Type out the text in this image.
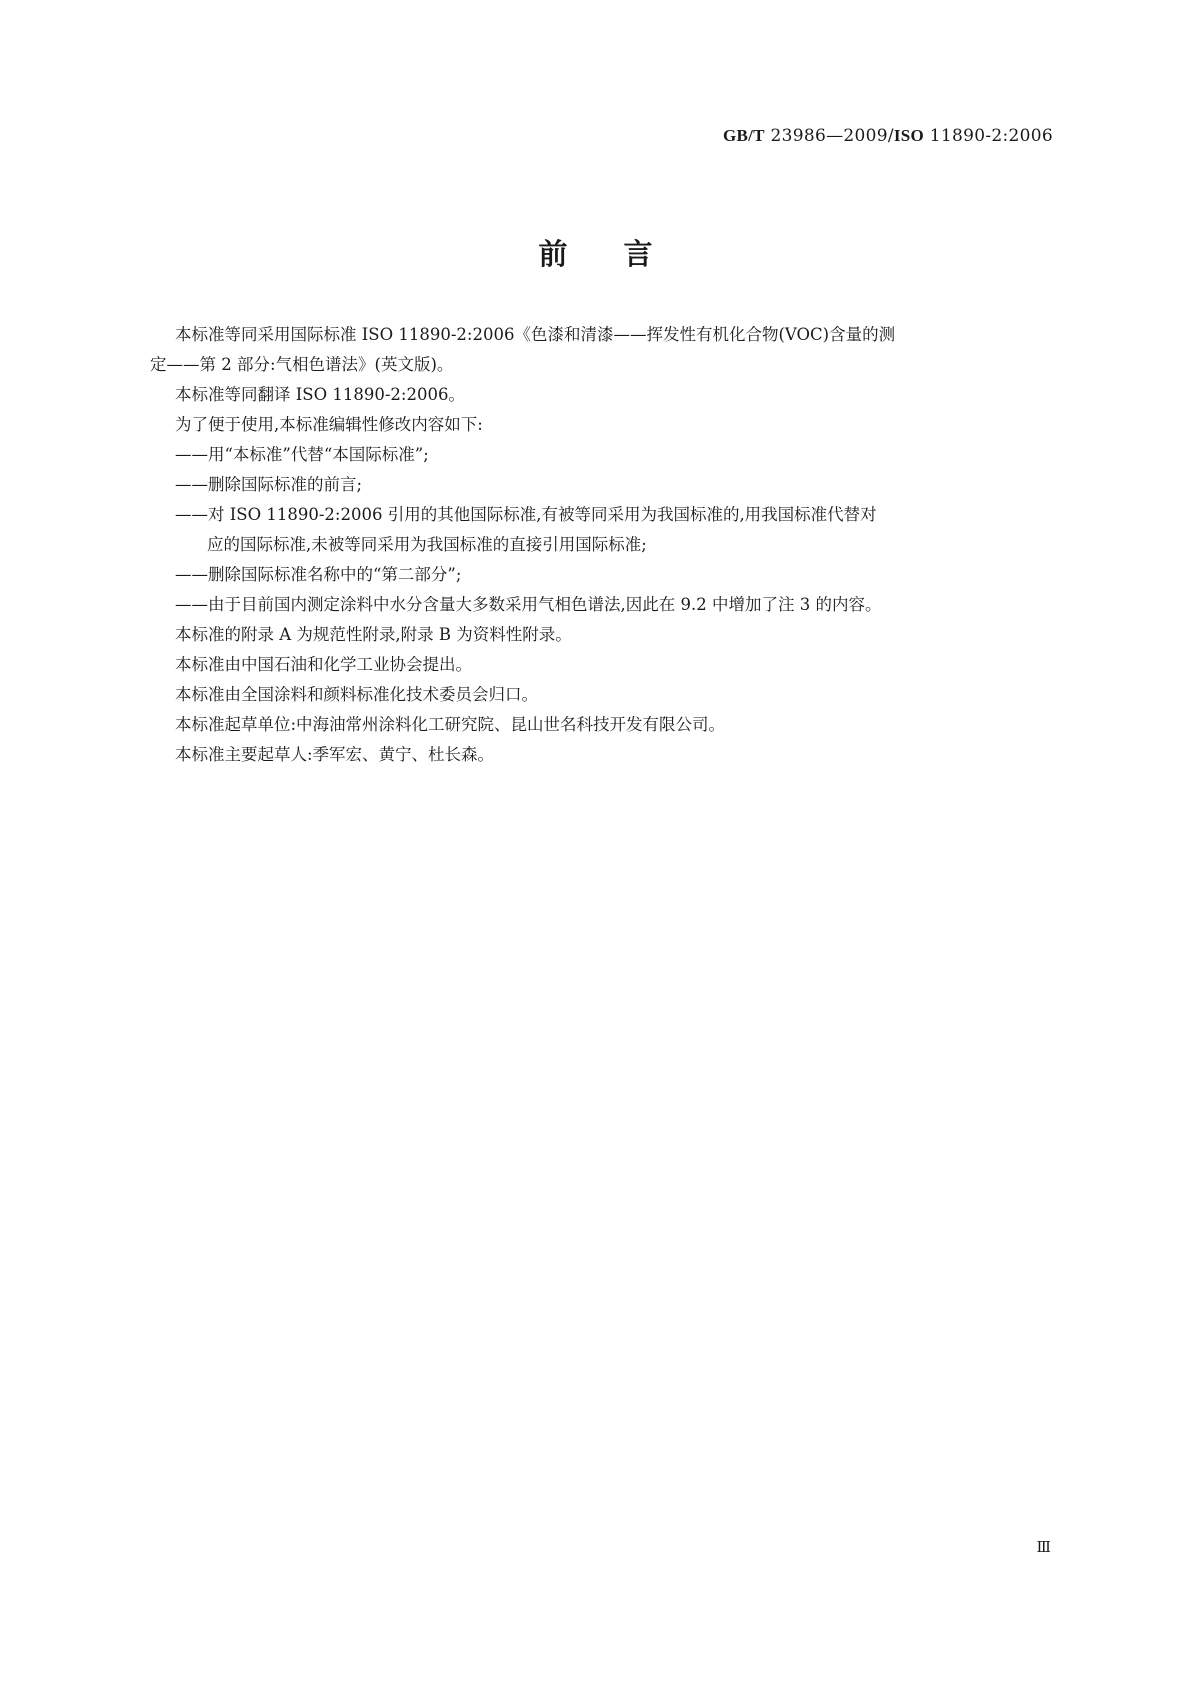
GB/T 23986—2009/ISO 11890-2:2006
前言

本标准等同采用国际标准 ISO 11890-2:2006《色漆和清漆——挥发性有机化合物(VOC)含量的测

定——第 2 部分:气相色谱法》(英文版)。

本标准等同翻译 ISO 11890-2:2006。

为了便于使用,本标准编辑性修改内容如下:

——用“本标准”代替“本国际标准”;

——删除国际标准的前言;

——对 ISO 11890-2:2006 引用的其他国际标准,有被等同采用为我国标准的,用我国标准代替对

应的国际标准,未被等同采用为我国标准的直接引用国际标准;

——删除国际标准名称中的“第二部分”;

——由于目前国内测定涂料中水分含量大多数采用气相色谱法,因此在 9.2 中增加了注 3 的内容。

本标准的附录 A 为规范性附录,附录 B 为资料性附录。

本标准由中国石油和化学工业协会提出。

本标准由全国涂料和颜料标准化技术委员会归口。

本标准起草单位:中海油常州涂料化工研究院、昆山世名科技开发有限公司。

本标准主要起草人:季军宏、黄宁、杜长森。

Ⅲ
